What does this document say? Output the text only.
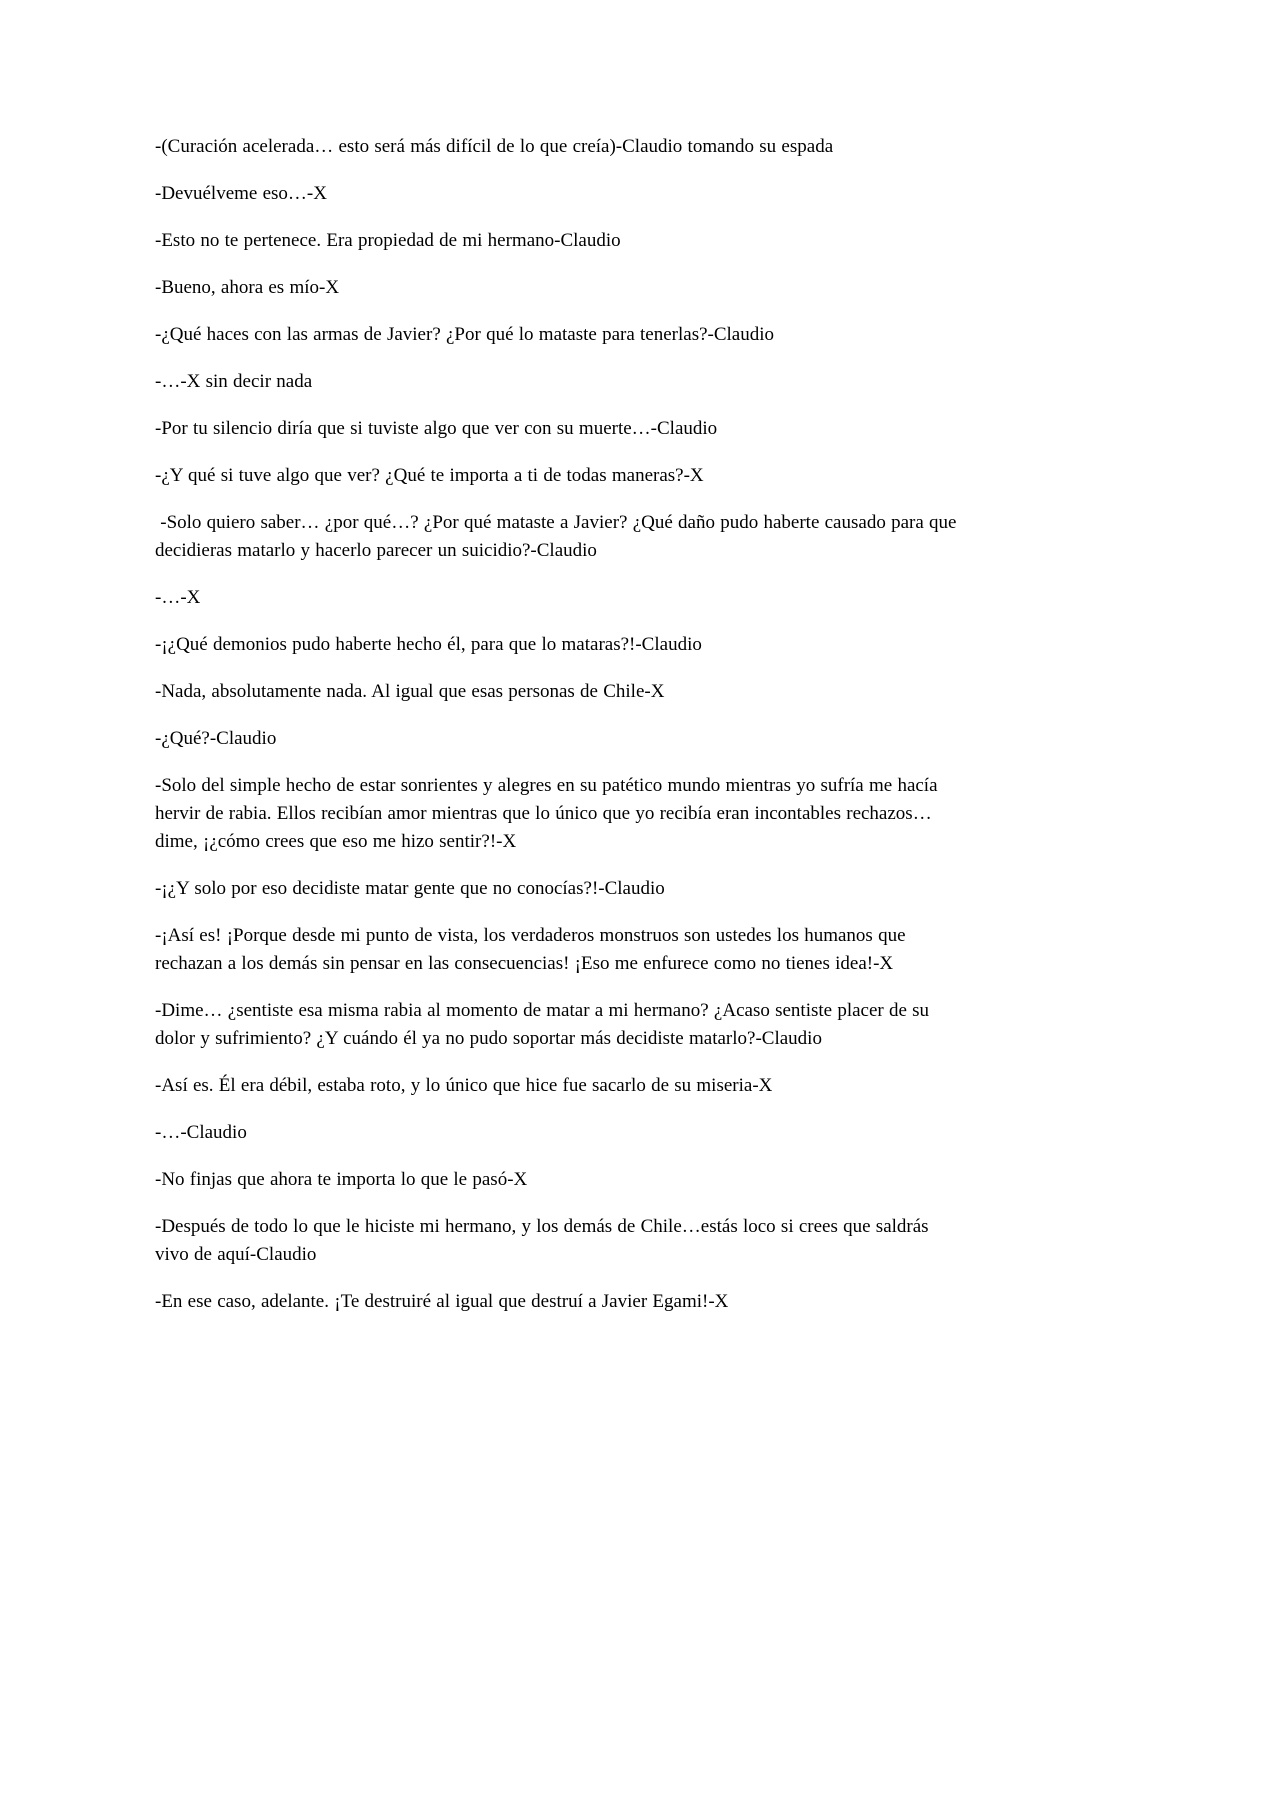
-(Curación acelerada… esto será más difícil de lo que creía)-Claudio tomando su espada

-Devuélveme eso…-X

-Esto no te pertenece. Era propiedad de mi hermano-Claudio

-Bueno, ahora es mío-X

-¿Qué haces con las armas de Javier? ¿Por qué lo mataste para tenerlas?-Claudio

-…-X sin decir nada

-Por tu silencio diría que si tuviste algo que ver con su muerte…-Claudio

-¿Y qué si tuve algo que ver? ¿Qué te importa a ti de todas maneras?-X

-Solo quiero saber… ¿por qué…? ¿Por qué mataste a Javier? ¿Qué daño pudo haberte causado para que decidieras matarlo y hacerlo parecer un suicidio?-Claudio

-…-X

-¡¿Qué demonios pudo haberte hecho él, para que lo mataras?!-Claudio

-Nada, absolutamente nada. Al igual que esas personas de Chile-X

-¿Qué?-Claudio

-Solo del simple hecho de estar sonrientes y alegres en su patético mundo mientras yo sufría me hacía hervir de rabia. Ellos recibían amor mientras que lo único que yo recibía eran incontables rechazos… dime, ¡¿cómo crees que eso me hizo sentir?!-X

-¡¿Y solo por eso decidiste matar gente que no conocías?!-Claudio

-¡Así es! ¡Porque desde mi punto de vista, los verdaderos monstruos son ustedes los humanos que rechazan a los demás sin pensar en las consecuencias! ¡Eso me enfurece como no tienes idea!-X

-Dime… ¿sentiste esa misma rabia al momento de matar a mi hermano? ¿Acaso sentiste placer de su dolor y sufrimiento? ¿Y cuándo él ya no pudo soportar más decidiste matarlo?-Claudio

-Así es. Él era débil, estaba roto, y lo único que hice fue sacarlo de su miseria-X

-…-Claudio

-No finjas que ahora te importa lo que le pasó-X

-Después de todo lo que le hiciste mi hermano, y los demás de Chile…estás loco si crees que saldrás vivo de aquí-Claudio

-En ese caso, adelante. ¡Te destruiré al igual que destruí a Javier Egami!-X
